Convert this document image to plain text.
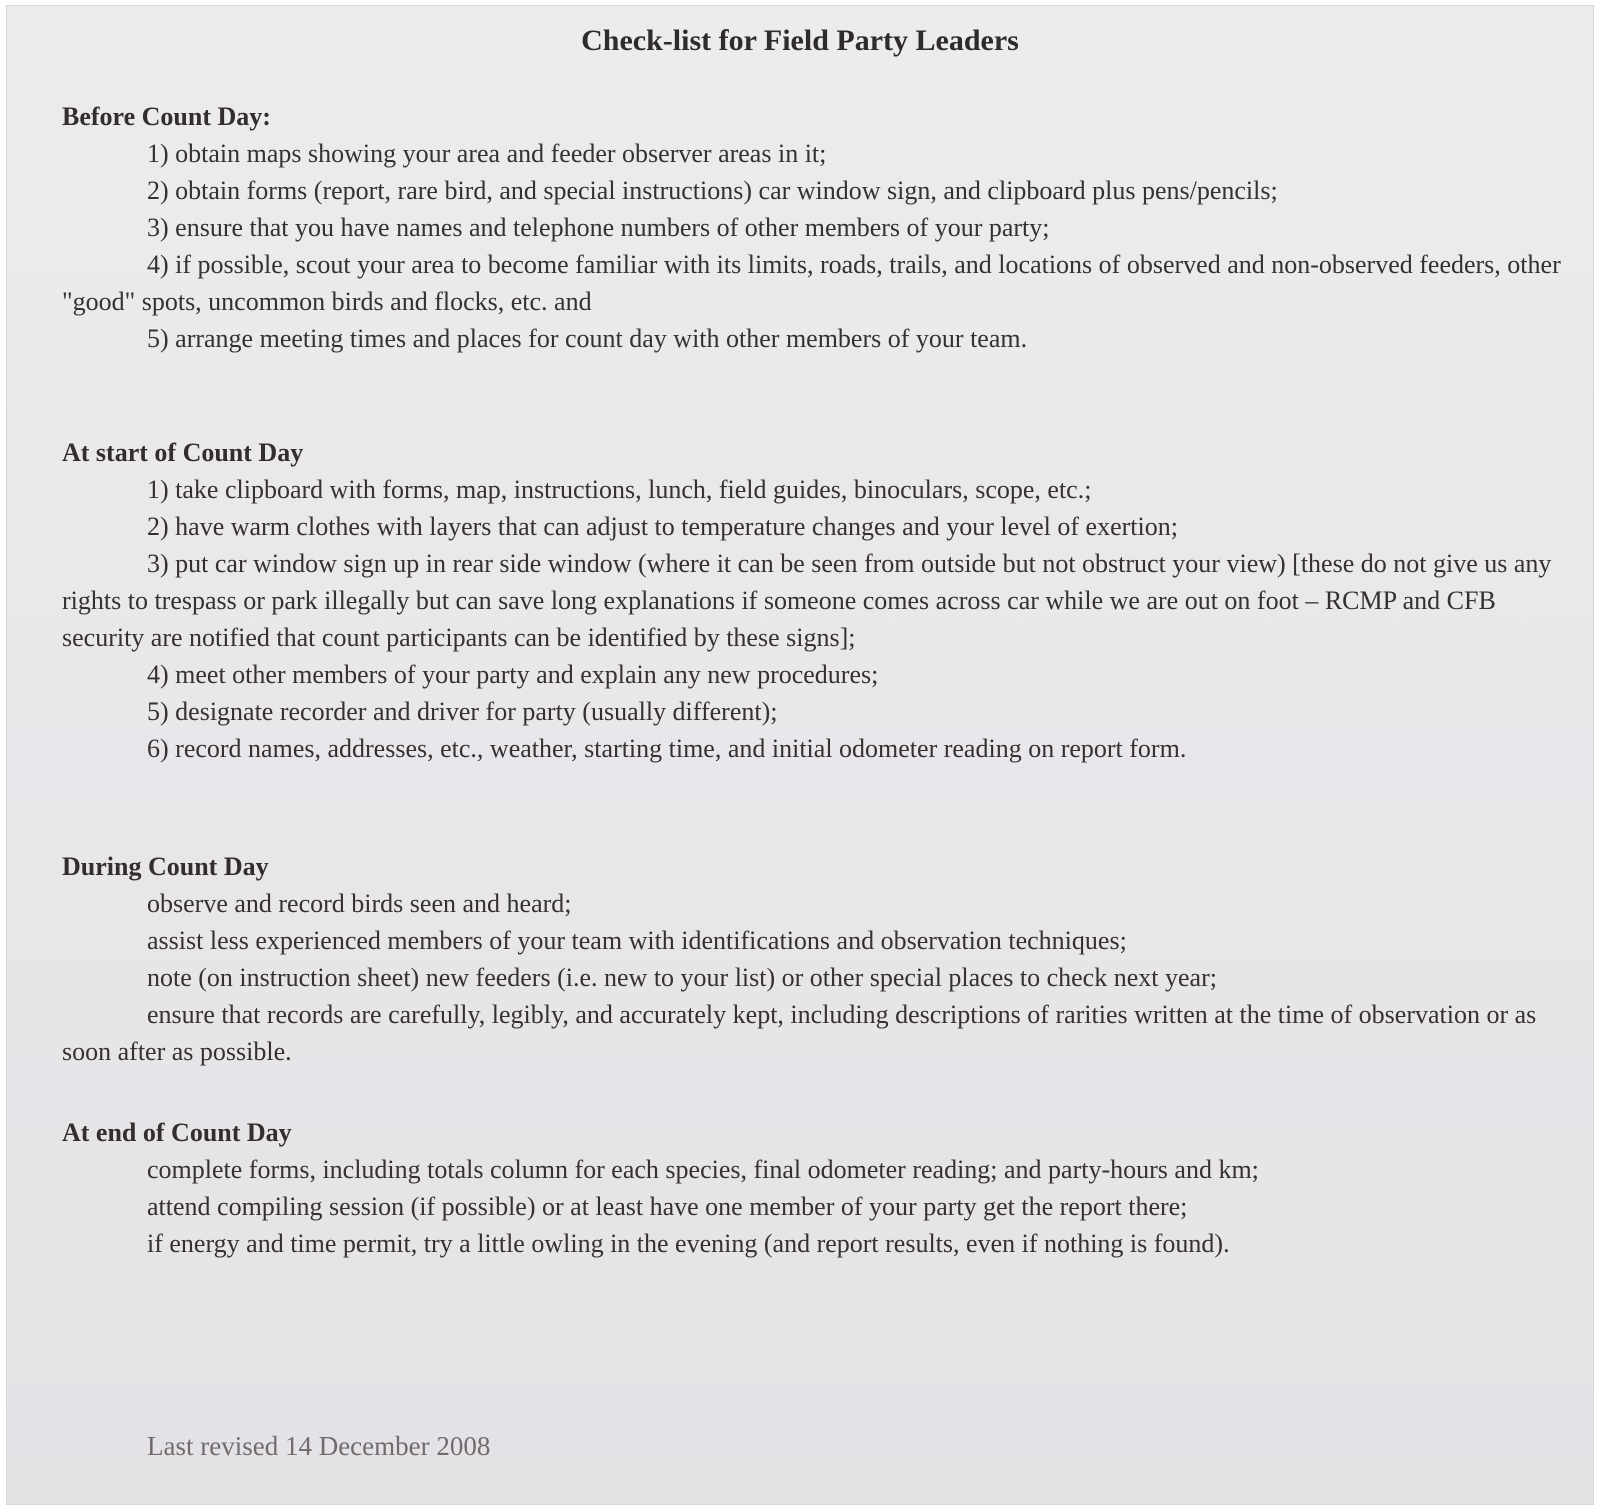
Check-list for Field Party Leaders
Before Count Day:

1) obtain maps showing your area and feeder observer areas in it;

2) obtain forms (report, rare bird, and special instructions) car window sign, and clipboard plus pens/pencils;

3) ensure that you have names and telephone numbers of other members of your party;

4) if possible, scout your area to become familiar with its limits, roads, trails, and locations of observed and non-observed feeders, other "good" spots, uncommon birds and flocks, etc. and

5) arrange meeting times and places for count day with other members of your team.

At start of Count Day

1) take clipboard with forms, map, instructions, lunch, field guides, binoculars, scope, etc.;

2) have warm clothes with layers that can adjust to temperature changes and your level of exertion;

3) put car window sign up in rear side window (where it can be seen from outside but not obstruct your view) [these do not give us any rights to trespass or park illegally but can save long explanations if someone comes across car while we are out on foot – RCMP and CFB security are notified that count participants can be identified by these signs];

4) meet other members of your party and explain any new procedures;

5) designate recorder and driver for party (usually different);

6) record names, addresses, etc., weather, starting time, and initial odometer reading on report form.

During Count Day

observe and record birds seen and heard;

assist less experienced members of your team with identifications and observation techniques;

note (on instruction sheet) new feeders (i.e. new to your list) or other special places to check next year;

ensure that records are carefully, legibly, and accurately kept, including descriptions of rarities written at the time of observation or as soon after as possible.

At end of Count Day

complete forms, including totals column for each species, final odometer reading; and party-hours and km;

attend compiling session (if possible) or at least have one member of your party get the report there;

if energy and time permit, try a little owling in the evening (and report results, even if nothing is found).

Last revised 14 December 2008
